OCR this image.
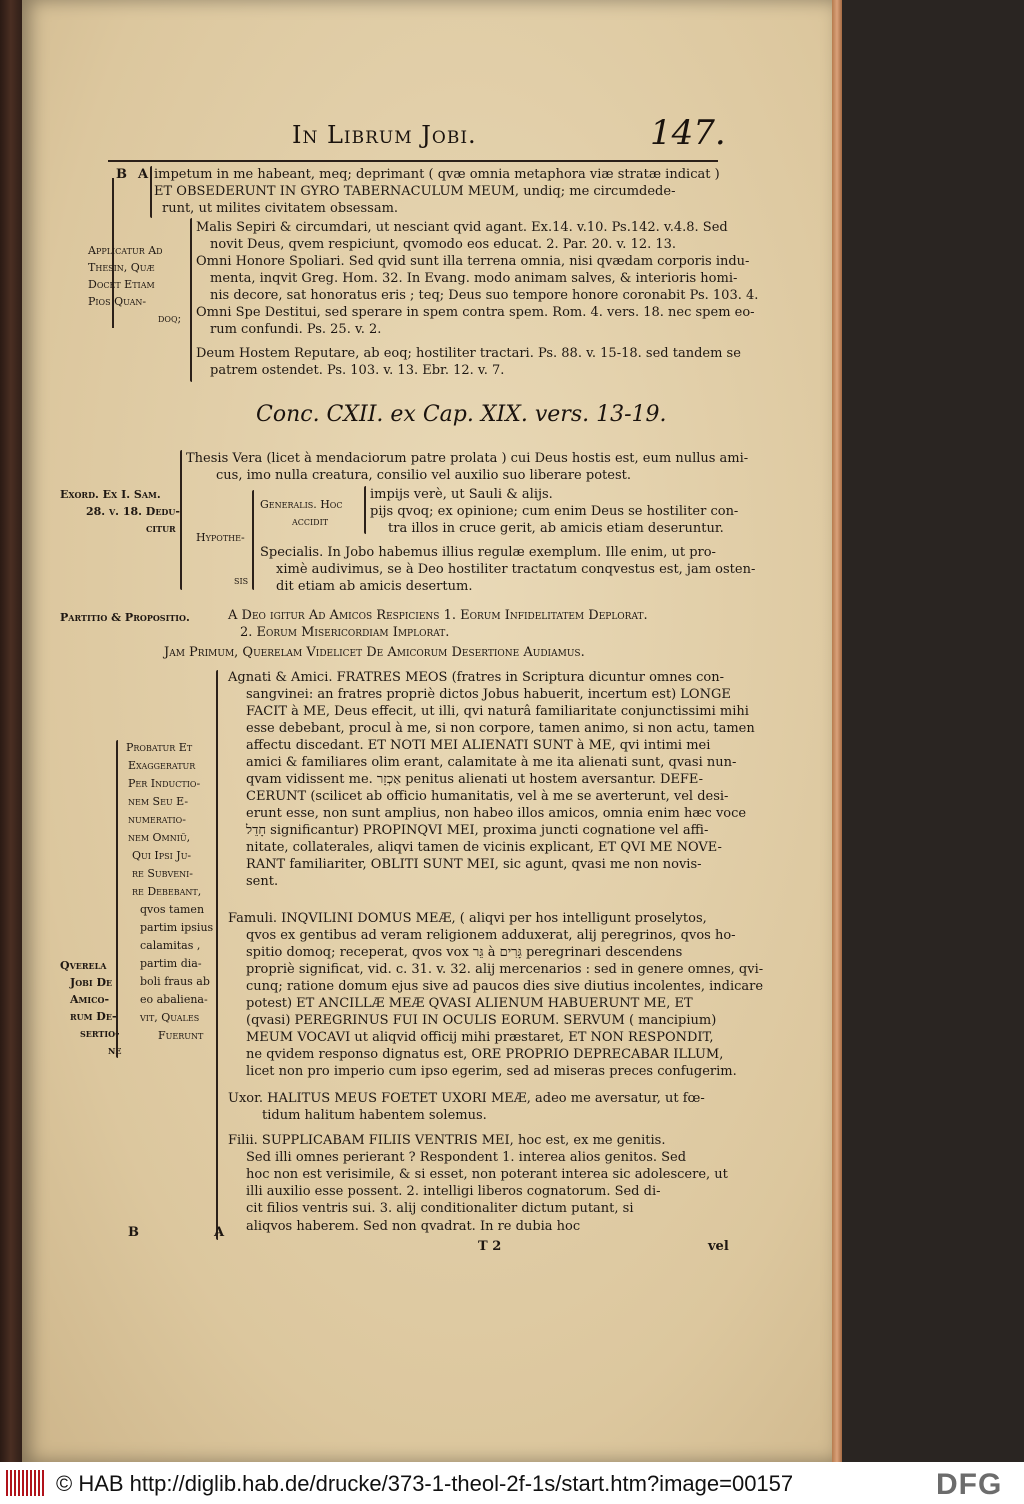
In Librum Jobi.	147.
B A impetum in me habeant, meq; deprimant ( qvæ omnia metaphora viæ stratæ indicat )
ET OBSEDERUNT IN GYRO TABERNACULUM MEUM, undiq; me circumdede-
runt, ut milites civitatem obsessam.
Applicatur Ad
Thesin, Quæ
Docet Etiam
Pios Quan-
doq;
Malis Sepiri & circumdari, ut nesciant qvid agant. Ex.14. v.10. Ps.142. v.4.8. Sed
novit Deus, qvem respiciunt, qvomodo eos educat. 2. Par. 20. v. 12. 13.
Omni Honore Spoliari. Sed qvid sunt illa terrena omnia, nisi qvædam corporis indu-
menta, inqvit Greg. Hom. 32. In Evang. modo animam salves, & interioris homi-
nis decore, sat honoratus eris ; teq; Deus suo tempore honore coronabit Ps. 103. 4.
Omni Spe Destitui, sed sperare in spem contra spem. Rom. 4. vers. 18. nec spem eo-
rum confundi. Ps. 25. v. 2.
Deum Hostem Reputare, ab eoq; hostiliter tractari. Ps. 88. v. 15-18. sed tandem se
patrem ostendet. Ps. 103. v. 13. Ebr. 12. v. 7.
Conc. CXII. ex Cap. XIX. vers. 13-19.
Exord. Ex I. Sam.
28. v. 18. Dedu-
citur
Thesis Vera (licet à mendaciorum patre prolata ) cui Deus hostis est, eum nullus ami-
cus, imo nulla creatura, consilio vel auxilio suo liberare potest.
Hypothe-
sis
Generalis. Hoc
accidit
impijs verè, ut Sauli & alijs.
pijs qvoq; ex opinione; cum enim Deus se hostiliter con-
tra illos in cruce gerit, ab amicis etiam deseruntur.
Specialis. In Jobo habemus illius regulæ exemplum. Ille enim, ut pro-
ximè audivimus, se à Deo hostiliter tractatum conqvestus est, jam osten-
dit etiam ab amicis desertum.
Partitio & Propositio.	A Deo igitur Ad Amicos Respiciens 1. Eorum Infidelitatem Deplorat.
2. Eorum Misericordiam Implorat.
Jam Primum, Querelam Videlicet De Amicorum Desertione Audiamus.
Qverela
Jobi De
Amico-
rum De-
sertio-
ne
Probatur Et
Exaggeratur
Per Inductio-
nem Seu E-
numeratio-
nem Omniũ,
Qui Ipsi Ju-
re Subveni-
re Debebant,
qvos tamen
partim ipsius
calamitas ,
partim dia-
boli fraus ab
eo abaliena-
vit, Quales
Fuerunt
Agnati & Amici. FRATRES MEOS (fratres in Scriptura dicuntur omnes con-
sangvinei: an fratres propriè dictos Jobus habuerit, incertum est) LONGE
FACIT à ME, Deus effecit, ut illi, qvi naturâ familiaritate conjunctissimi mihi
esse debebant, procul à me, si non corpore, tamen animo, si non actu, tamen
affectu discedant. ET NOTI MEI ALIENATI SUNT à ME, qvi intimi mei
amici & familiares olim erant, calamitate à me ita alienati sunt, qvasi nun-
qvam vidissent me. אַכְזָר penitus alienati ut hostem aversantur. DEFE-
CERUNT (scilicet ab officio humanitatis, vel à me se averterunt, vel desi-
erunt esse, non sunt amplius, non habeo illos amicos, omnia enim hæc voce
חָדֵל significantur) PROPINQVI MEI, proxima juncti cognatione vel affi-
nitate, collaterales, aliqvi tamen de vicinis explicant, ET QVI ME NOVE-
RANT familiariter, OBLITI SUNT MEI, sic agunt, qvasi me non novis-
sent.
Famuli. INQVILINI DOMUS MEÆ, ( aliqvi per hos intelligunt proselytos,
qvos ex gentibus ad veram religionem adduxerat, alij peregrinos, qvos ho-
spitio domoq; receperat, qvos vox גֵּר à גָּרִים peregrinari descendens
propriè significat, vid. c. 31. v. 32. alij mercenarios : sed in genere omnes, qvi-
cunq; ratione domum ejus sive ad paucos dies sive diutius incolentes, indicare
potest) ET ANCILLÆ MEÆ QVASI ALIENUM HABUERUNT ME, ET
(qvasi) PEREGRINUS FUI IN OCULIS EORUM. SERVUM ( mancipium)
MEUM VOCAVI ut aliqvid officij mihi præstaret, ET NON RESPONDIT,
ne qvidem responso dignatus est, ORE PROPRIO DEPRECABAR ILLUM,
licet non pro imperio cum ipso egerim, sed ad miseras preces confugerim.
Uxor. HALITUS MEUS FOETET UXORI MEÆ, adeo me aversatur, ut fœ-
tidum halitum habentem solemus.
Filii. SUPPLICABAM FILIIS VENTRIS MEI, hoc est, ex me genitis.
Sed illi omnes perierant ? Respondent 1. interea alios genitos. Sed
hoc non est verisimile, & si esset, non poterant interea sic adolescere, ut
illi auxilio esse possent. 2. intelligi liberos cognatorum. Sed di-
cit filios ventris sui. 3. alij conditionaliter dictum putant, si
aliqvos haberem. Sed non qvadrat. In re dubia hoc
B	A
T 2	vel
© HAB http://diglib.hab.de/drucke/373-1-theol-2f-1s/start.htm?image=00157	DFG
